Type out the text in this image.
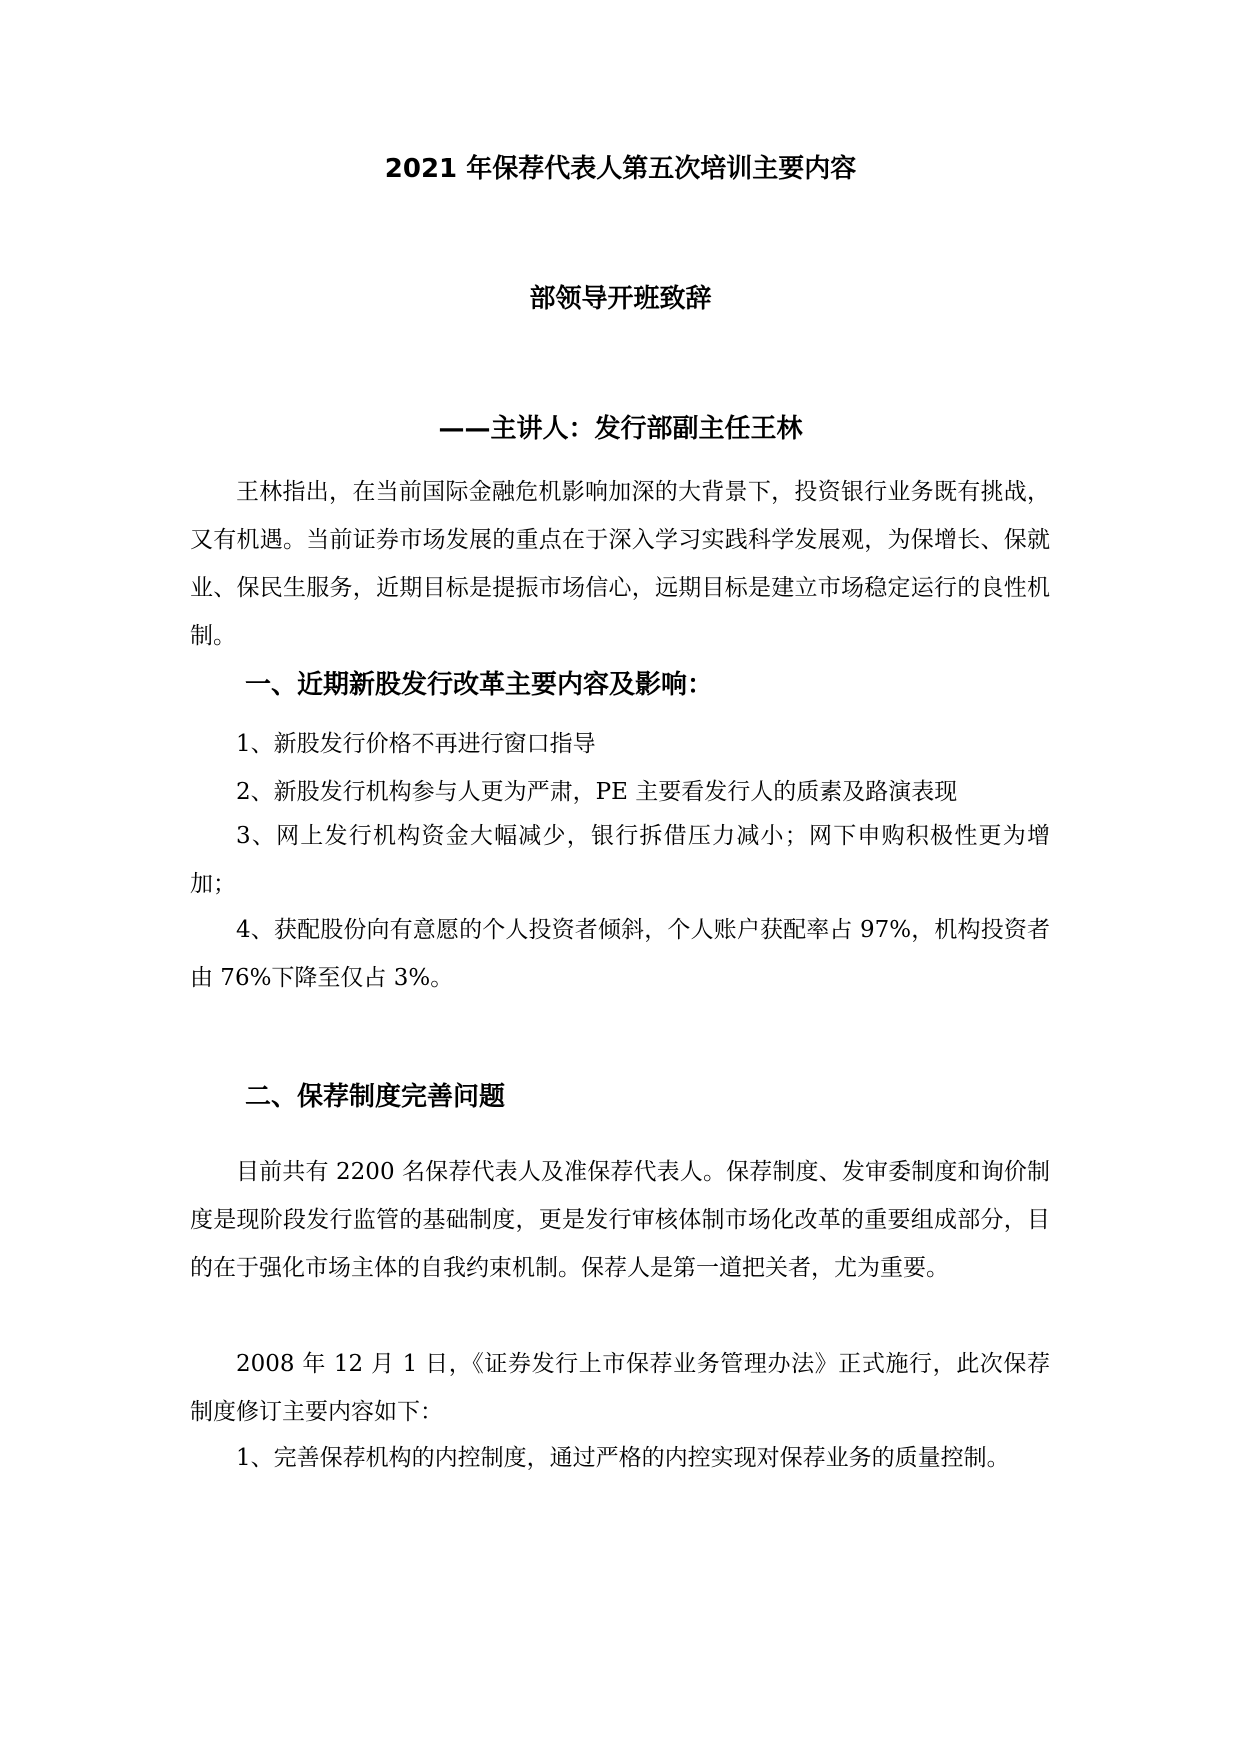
2021 年保荐代表人第五次培训主要内容
部领导开班致辞
——主讲人：发行部副主任王林

王林指出，在当前国际金融危机影响加深的大背景下，投资银行业务既有挑战，又有机遇。当前证券市场发展的重点在于深入学习实践科学发展观，为保增长、保就业、保民生服务，近期目标是提振市场信心，远期目标是建立市场稳定运行的良性机制。

一、近期新股发行改革主要内容及影响：

1、新股发行价格不再进行窗口指导

2、新股发行机构参与人更为严肃，PE 主要看发行人的质素及路演表现

3、网上发行机构资金大幅减少，银行拆借压力减小；网下申购积极性更为增加；

4、获配股份向有意愿的个人投资者倾斜，个人账户获配率占 97%，机构投资者由 76%下降至仅占 3%。

二、保荐制度完善问题

目前共有 2200 名保荐代表人及准保荐代表人。保荐制度、发审委制度和询价制度是现阶段发行监管的基础制度，更是发行审核体制市场化改革的重要组成部分，目的在于强化市场主体的自我约束机制。保荐人是第一道把关者，尤为重要。

2008 年 12 月 1 日，《证券发行上市保荐业务管理办法》正式施行，此次保荐制度修订主要内容如下：

1、完善保荐机构的内控制度，通过严格的内控实现对保荐业务的质量控制。
